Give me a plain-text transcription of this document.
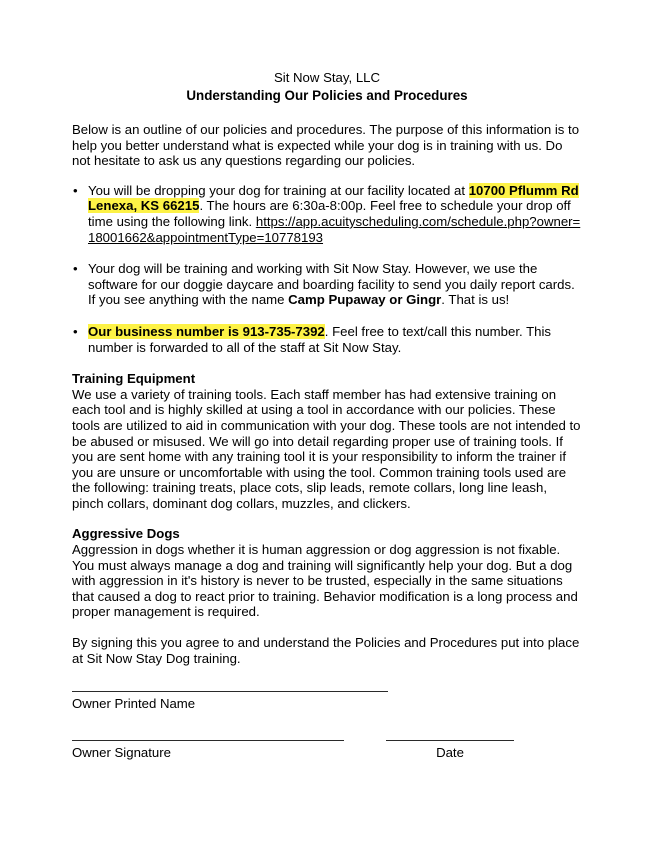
Sit Now Stay, LLC
Understanding Our Policies and Procedures

Below is an outline of our policies and procedures. The purpose of this information is to help you better understand what is expected while your dog is in training with us. Do not hesitate to ask us any questions regarding our policies.

• You will be dropping your dog for training at our facility located at 10700 Pflumm Rd Lenexa, KS 66215. The hours are 6:30a-8:00p. Feel free to schedule your drop off time using the following link. https://app.acuityscheduling.com/schedule.php?owner=18001662&appointmentType=10778193
• Your dog will be training and working with Sit Now Stay. However, we use the software for our doggie daycare and boarding facility to send you daily report cards. If you see anything with the name Camp Pupaway or Gingr. That is us!
• Our business number is 913-735-7392. Feel free to text/call this number. This number is forwarded to all of the staff at Sit Now Stay.
Training Equipment

We use a variety of training tools. Each staff member has had extensive training on each tool and is highly skilled at using a tool in accordance with our policies. These tools are utilized to aid in communication with your dog. These tools are not intended to be abused or misused. We will go into detail regarding proper use of training tools. If you are sent home with any training tool it is your responsibility to inform the trainer if you are unsure or uncomfortable with using the tool. Common training tools used are the following: training treats, place cots, slip leads, remote collars, long line leash, pinch collars, dominant dog collars, muzzles, and clickers.

Aggressive Dogs

Aggression in dogs whether it is human aggression or dog aggression is not fixable. You must always manage a dog and training will significantly help your dog. But a dog with aggression in it's history is never to be trusted, especially in the same situations that caused a dog to react prior to training. Behavior modification is a long process and proper management is required.

By signing this you agree to and understand the Policies and Procedures put into place at Sit Now Stay Dog training.

Owner Printed Name
Owner Signature	Date
